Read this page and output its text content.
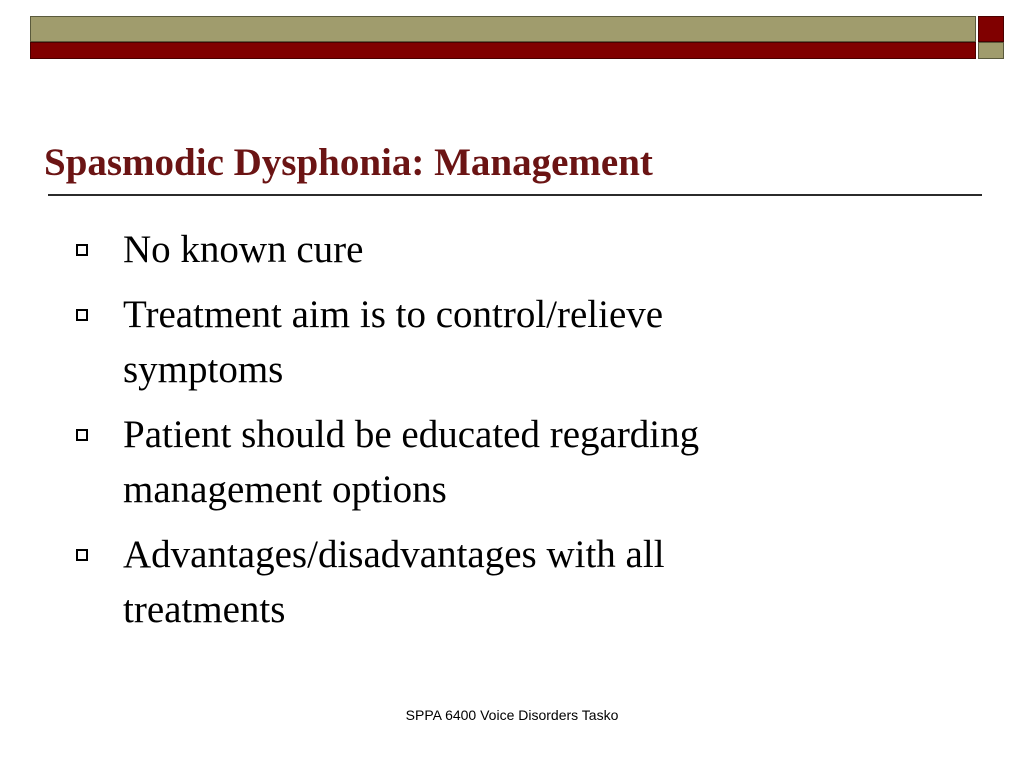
Spasmodic Dysphonia: Management
No known cure
Treatment aim is to control/relieve symptoms
Patient should be educated regarding management options
Advantages/disadvantages with all treatments
SPPA 6400 Voice Disorders Tasko
